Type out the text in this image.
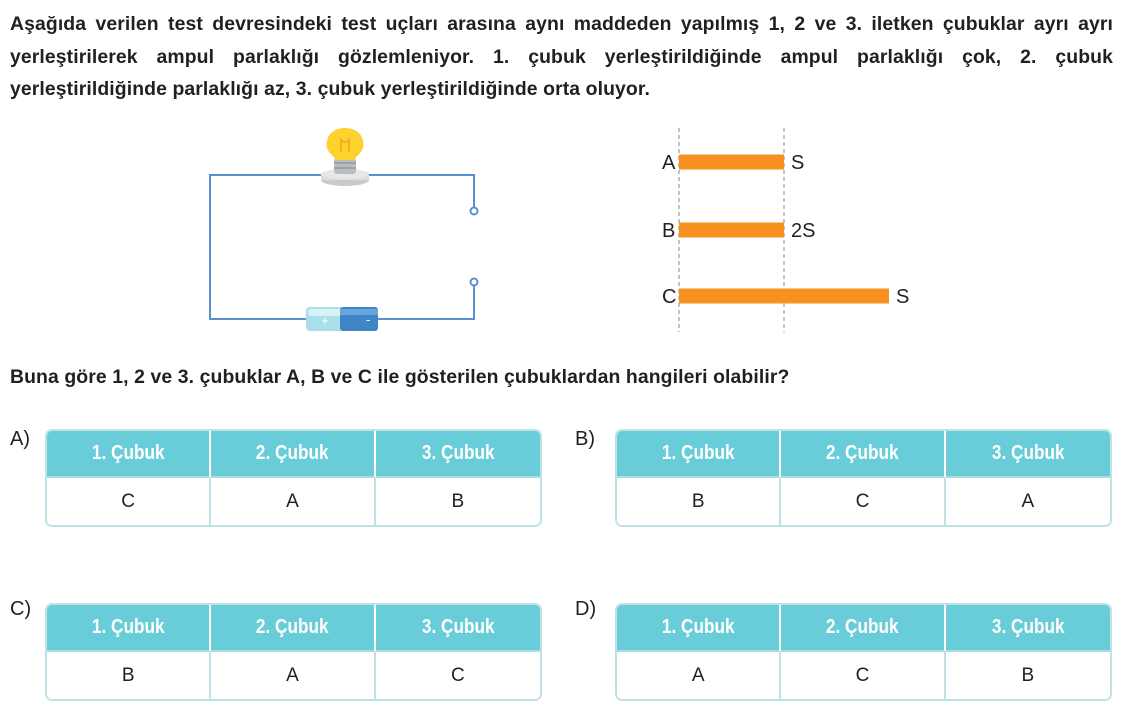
Aşağıda verilen test devresindeki test uçları arasına aynı maddeden yapılmış 1, 2 ve 3. iletken çubuklar ayrı ayrı yerleştirilerek ampul parlaklığı gözlemleniyor. 1. çubuk yerleştirildiğinde ampul parlaklığı çok, 2. çubuk yerleştirildiğinde parlaklığı az, 3. çubuk yerleştirildiğinde orta oluyor.

+	-
A	S
B	2S
C	S

Buna göre 1, 2 ve 3. çubuklar A, B ve C ile gösterilen çubuklardan hangileri olabilir?

A)
1. Çubuk	2. Çubuk	3. Çubuk
C	A	B
B)
1. Çubuk	2. Çubuk	3. Çubuk
B	C	A
C)
1. Çubuk	2. Çubuk	3. Çubuk
B	A	C
D)
1. Çubuk	2. Çubuk	3. Çubuk
A	C	B
